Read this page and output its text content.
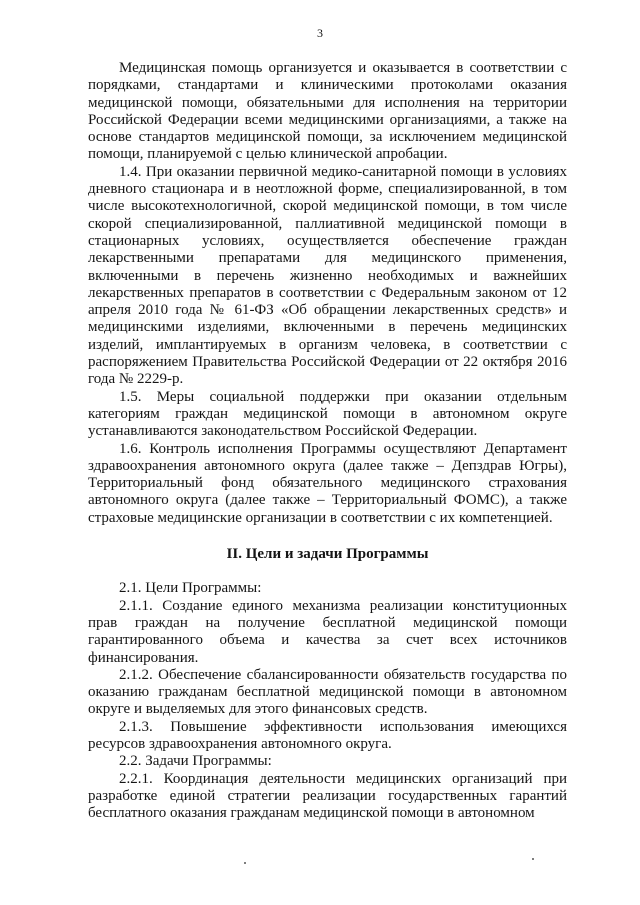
3

Медицинская помощь организуется и оказывается в соответствии с порядками, стандартами и клиническими протоколами оказания медицинской помощи, обязательными для исполнения на территории Российской Федерации всеми медицинскими организациями, а также на основе стандартов медицинской помощи, за исключением медицинской помощи, планируемой с целью клинической апробации.

1.4. При оказании первичной медико-санитарной помощи в условиях дневного стационара и в неотложной форме, специализированной, в том числе высокотехнологичной, скорой медицинской помощи, в том числе скорой специализированной, паллиативной медицинской помощи в стационарных условиях, осуществляется обеспечение граждан лекарственными препаратами для медицинского применения, включенными в перечень жизненно необходимых и важнейших лекарственных препаратов в соответствии с Федеральным законом от 12 апреля 2010 года № 61-ФЗ «Об обращении лекарственных средств» и медицинскими изделиями, включенными в перечень медицинских изделий, имплантируемых в организм человека, в соответствии с распоряжением Правительства Российской Федерации от 22 октября 2016 года № 2229-р.

1.5. Меры социальной поддержки при оказании отдельным категориям граждан медицинской помощи в автономном округе устанавливаются законодательством Российской Федерации.

1.6. Контроль исполнения Программы осуществляют Департамент здравоохранения автономного округа (далее также – Депздрав Югры), Территориальный фонд обязательного медицинского страхования автономного округа (далее также – Территориальный ФОМС), а также страховые медицинские организации в соответствии с их компетенцией.

II. Цели и задачи Программы

2.1. Цели Программы:

2.1.1. Создание единого механизма реализации конституционных прав граждан на получение бесплатной медицинской помощи гарантированного объема и качества за счет всех источников финансирования.

2.1.2. Обеспечение сбалансированности обязательств государства по оказанию гражданам бесплатной медицинской помощи в автономном округе и выделяемых для этого финансовых средств.

2.1.3. Повышение эффективности использования имеющихся ресурсов здравоохранения автономного округа.

2.2. Задачи Программы:

2.2.1. Координация деятельности медицинских организаций при разработке единой стратегии реализации государственных гарантий бесплатного оказания гражданам медицинской помощи в автономном
